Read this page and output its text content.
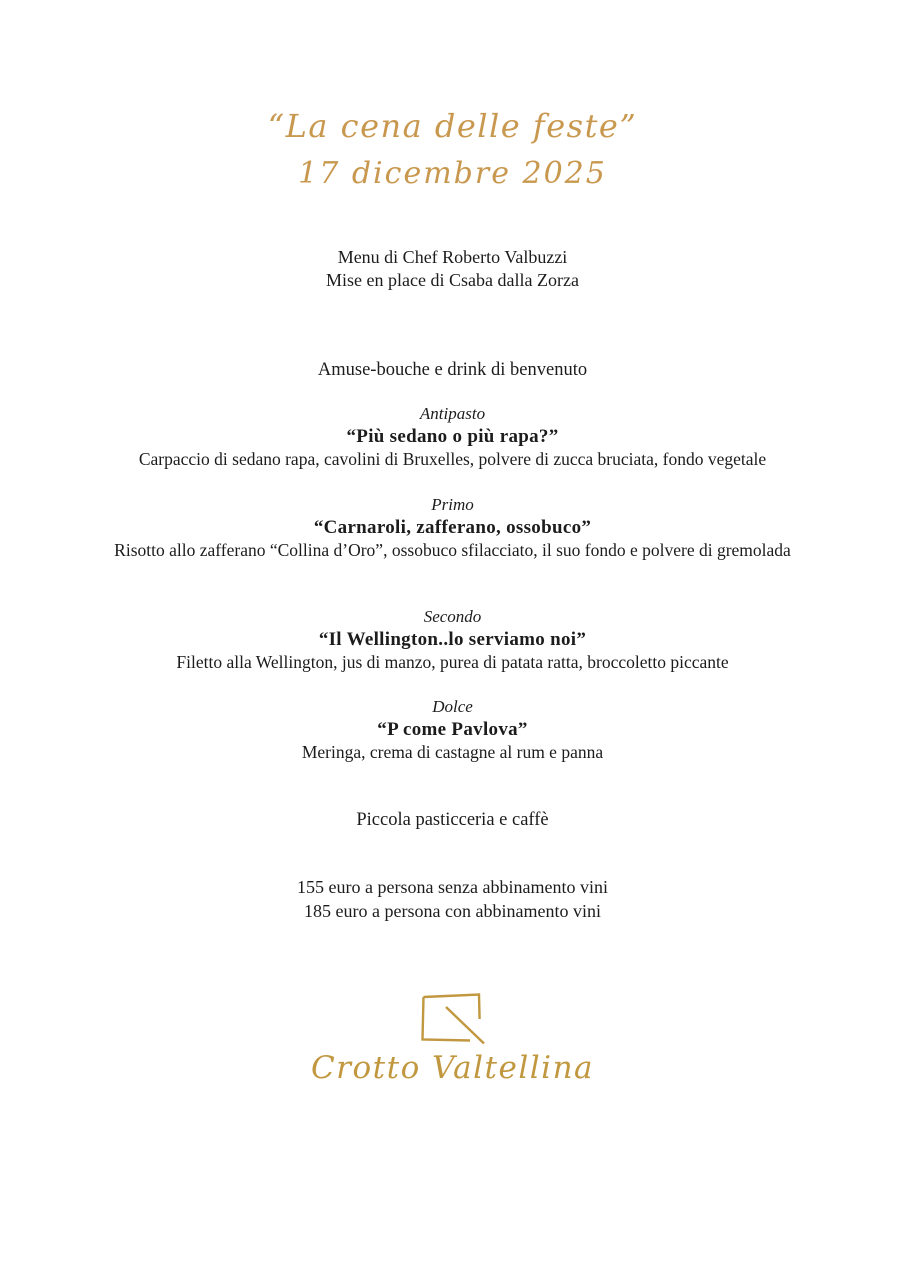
“La cena delle feste”
17 dicembre 2025
Menu di Chef Roberto Valbuzzi
Mise en place di Csaba dalla Zorza
Amuse-bouche e drink di benvenuto
Antipasto
“Più sedano o più rapa?”
Carpaccio di sedano rapa, cavolini di Bruxelles, polvere di zucca bruciata, fondo vegetale
Primo
“Carnaroli, zafferano, ossobuco”
Risotto allo zafferano “Collina d’Oro”, ossobuco sfilacciato, il suo fondo e polvere di gremolada
Secondo
“Il Wellington..lo serviamo noi”
Filetto alla Wellington, jus di manzo, purea di patata ratta, broccoletto piccante
Dolce
“P come Pavlova”
Meringa, crema di castagne al rum e panna
Piccola pasticceria e caffè
155 euro a persona senza abbinamento vini
185 euro a persona con abbinamento vini
Crotto Valtellina
